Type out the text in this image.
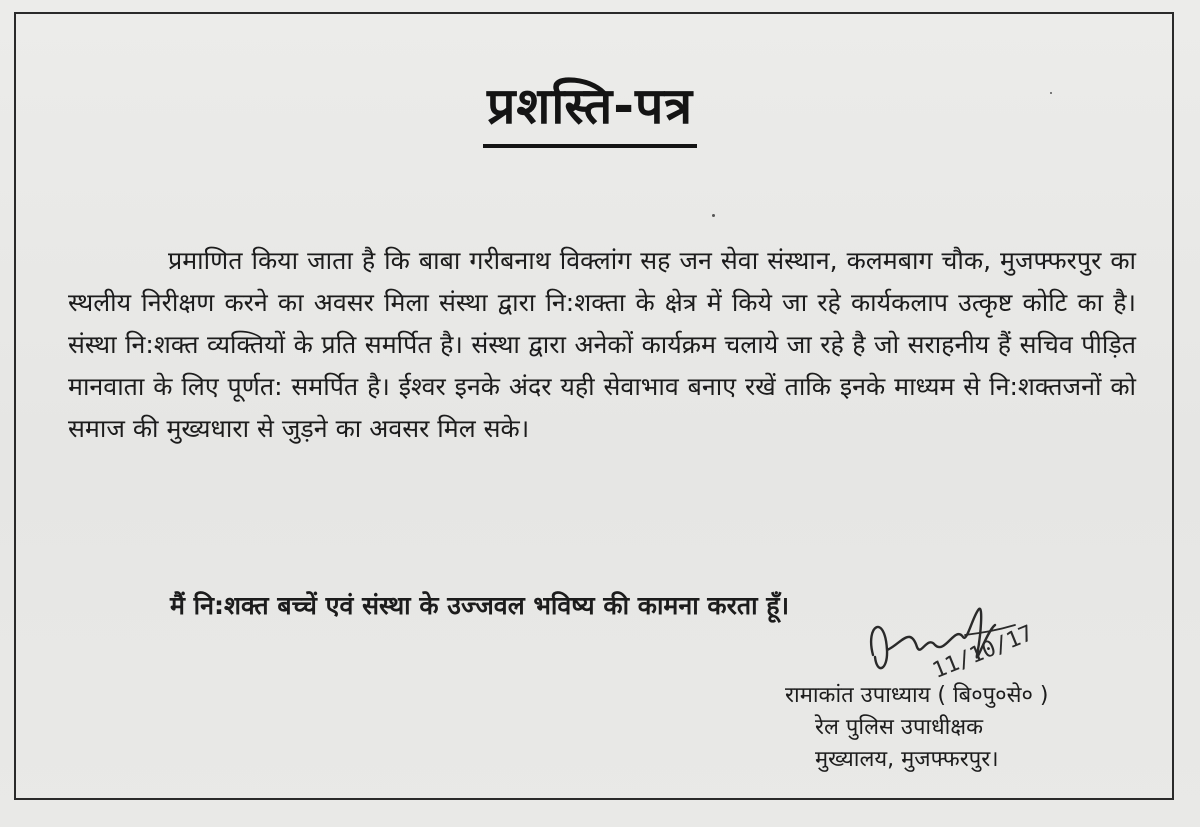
प्रशस्ति-पत्र

प्रमाणित किया जाता है कि बाबा गरीबनाथ विक्लांग सह जन सेवा संस्थान, कलमबाग चौक, मुजफ्फरपुर का स्थलीय निरीक्षण करने का अवसर मिला संस्था द्वारा नि:शक्ता के क्षेत्र में किये जा रहे कार्यकलाप उत्कृष्ट कोटि का है। संस्था नि:शक्त व्यक्तियों के प्रति समर्पित है। संस्था द्वारा अनेकों कार्यक्रम चलाये जा रहे है जो सराहनीय हैं सचिव पीड़ित मानवाता के लिए पूर्णत: समर्पित है। ईश्वर इनके अंदर यही सेवाभाव बनाए रखें ताकि इनके माध्यम से नि:शक्तजनों को समाज की मुख्यधारा से जुड़ने का अवसर मिल सके।

मैं नि:शक्त बच्चें एवं संस्था के उज्जवल भविष्य की कामना करता हूँ।
11/10/17
रामाकांत उपाध्याय ( बि०पु०से० )
रेल पुलिस उपाधीक्षक
मुख्यालय, मुजफ्फरपुर।
